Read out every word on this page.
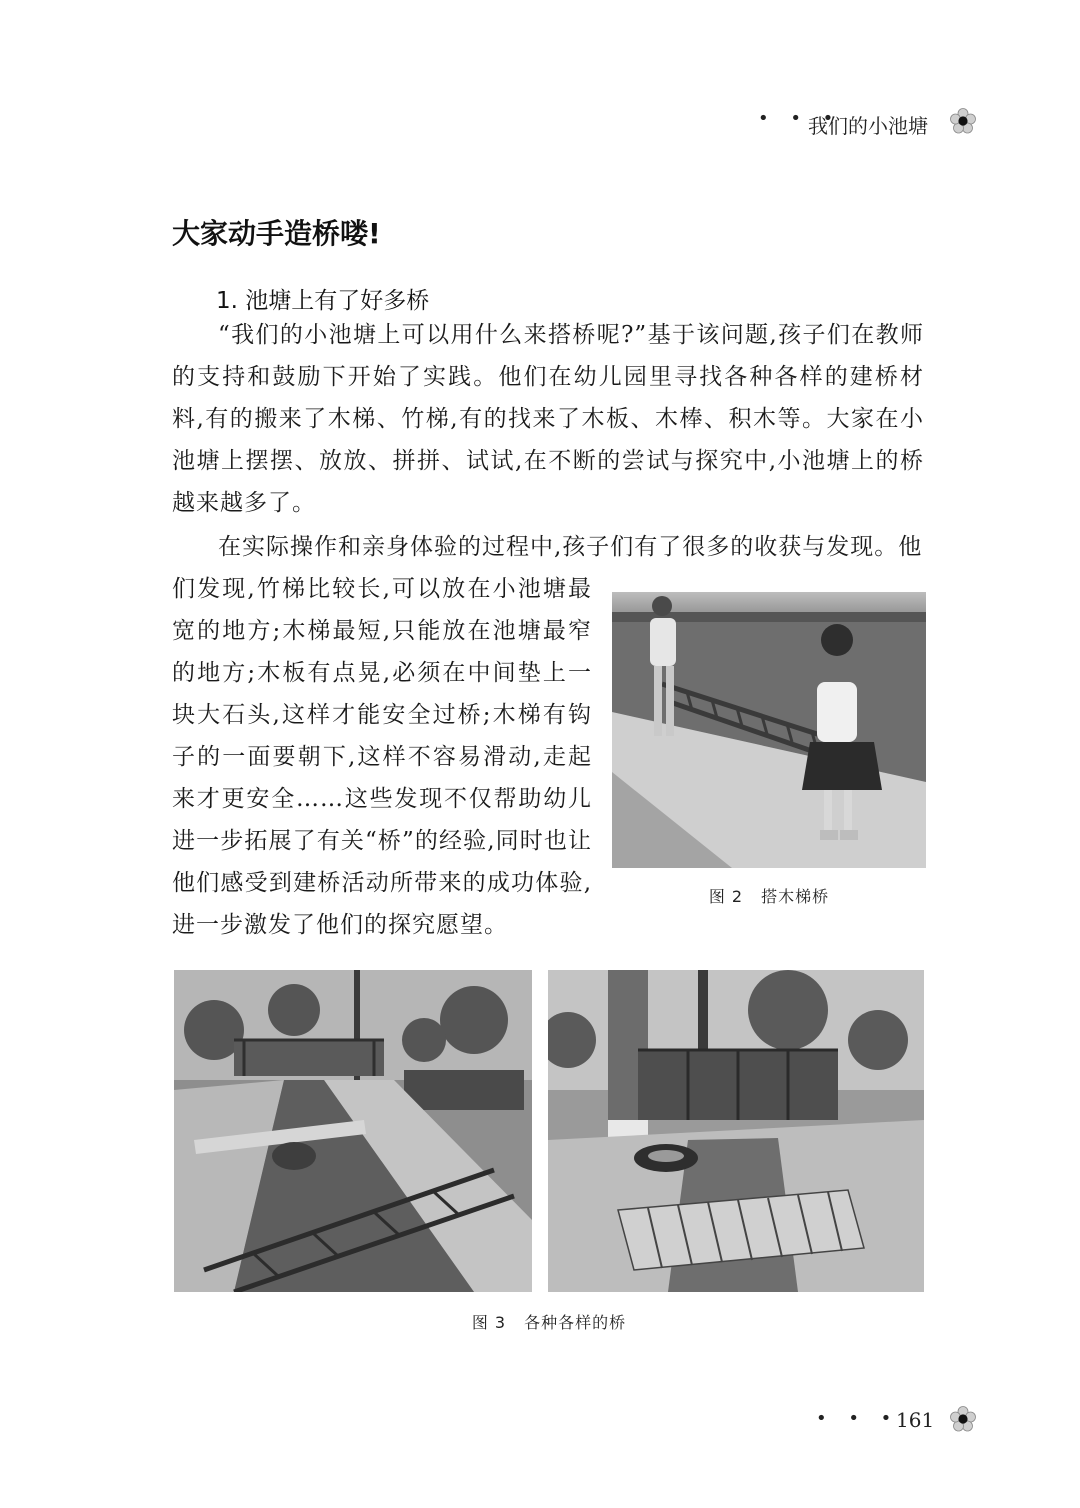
• • •
我们的小池塘
大家动手造桥喽!
1. 池塘上有了好多桥
“我们的小池塘上可以用什么来搭桥呢?”基于该问题,孩子们在教师的支持和鼓励下开始了实践。他们在幼儿园里寻找各种各样的建桥材料,有的搬来了木梯、竹梯,有的找来了木板、木棒、积木等。大家在小池塘上摆摆、放放、拼拼、试试,在不断的尝试与探究中,小池塘上的桥越来越多了。
在实际操作和亲身体验的过程中,孩子们有了很多的收获与发现。他
们发现,竹梯比较长,可以放在小池塘最宽的地方;木梯最短,只能放在池塘最窄的地方;木板有点晃,必须在中间垫上一块大石头,这样才能安全过桥;木梯有钩子的一面要朝下,这样不容易滑动,走起来才更安全……这些发现不仅帮助幼儿进一步拓展了有关“桥”的经验,同时也让他们感受到建桥活动所带来的成功体验,进一步激发了他们的探究愿望。
图 2 搭木梯桥
图 3 各种各样的桥
• • •
161
